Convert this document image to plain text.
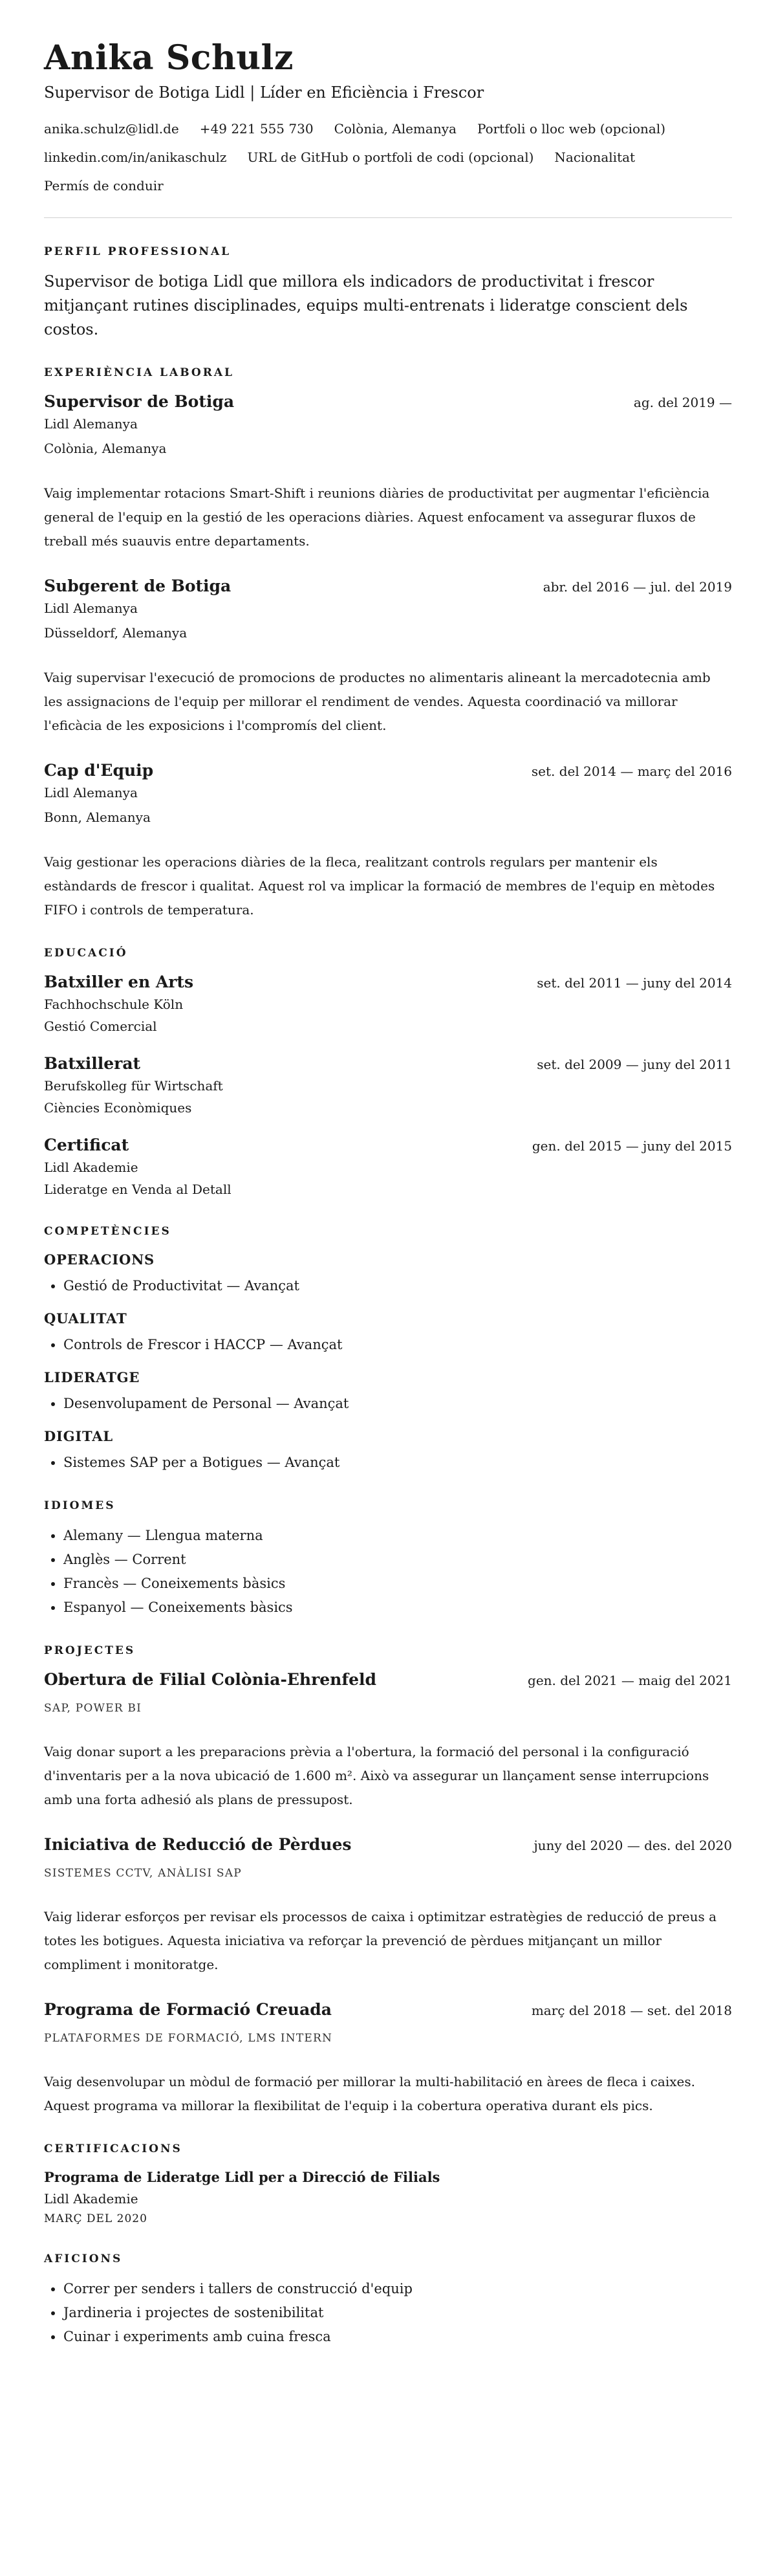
Anika Schulz
Supervisor de Botiga Lidl | Líder en Eficiència i Frescor
anika.schulz@lidl.de +49 221 555 730 Colònia, Alemanya Portfoli o lloc web (opcional)
linkedin.com/in/anikaschulz URL de GitHub o portfoli de codi (opcional) Nacionalitat
Permís de conduir
PERFIL PROFESSIONAL

Supervisor de botiga Lidl que millora els indicadors de productivitat i frescor mitjançant rutines disciplinades, equips multi-entrenats i lideratge conscient dels costos.

EXPERIÈNCIA LABORAL
Supervisor de Botiga	ag. del 2019 —
Lidl Alemanya
Colònia, Alemanya
Vaig implementar rotacions Smart-Shift i reunions diàries de productivitat per augmentar l'eficiència general de l'equip en la gestió de les operacions diàries. Aquest enfocament va assegurar fluxos de treball més suauvis entre departaments.
Subgerent de Botiga	abr. del 2016 — jul. del 2019
Lidl Alemanya
Düsseldorf, Alemanya
Vaig supervisar l'execució de promocions de productes no alimentaris alineant la mercadotecnia amb les assignacions de l'equip per millorar el rendiment de vendes. Aquesta coordinació va millorar l'eficàcia de les exposicions i l'compromís del client.
Cap d'Equip	set. del 2014 — març del 2016
Lidl Alemanya
Bonn, Alemanya
Vaig gestionar les operacions diàries de la fleca, realitzant controls regulars per mantenir els estàndards de frescor i qualitat. Aquest rol va implicar la formació de membres de l'equip en mètodes FIFO i controls de temperatura.
EDUCACIÓ
Batxiller en Arts	set. del 2011 — juny del 2014
Fachhochschule Köln
Gestió Comercial
Batxillerat	set. del 2009 — juny del 2011
Berufskolleg für Wirtschaft
Ciències Econòmiques
Certificat	gen. del 2015 — juny del 2015
Lidl Akademie
Lideratge en Venda al Detall
COMPETÈNCIES
OPERACIONS
• Gestió de Productivitat — Avançat
QUALITAT
• Controls de Frescor i HACCP — Avançat
LIDERATGE
• Desenvolupament de Personal — Avançat
DIGITAL
• Sistemes SAP per a Botigues — Avançat
IDIOMES
• Alemany — Llengua materna
• Anglès — Corrent
• Francès — Coneixements bàsics
• Espanyol — Coneixements bàsics
PROJECTES
Obertura de Filial Colònia-Ehrenfeld	gen. del 2021 — maig del 2021
SAP, POWER BI
Vaig donar suport a les preparacions prèvia a l'obertura, la formació del personal i la configuració d'inventaris per a la nova ubicació de 1.600 m². Això va assegurar un llançament sense interrupcions amb una forta adhesió als plans de pressupost.
Iniciativa de Reducció de Pèrdues	juny del 2020 — des. del 2020
SISTEMES CCTV, ANÀLISI SAP
Vaig liderar esforços per revisar els processos de caixa i optimitzar estratègies de reducció de preus a totes les botigues. Aquesta iniciativa va reforçar la prevenció de pèrdues mitjançant un millor compliment i monitoratge.
Programa de Formació Creuada	març del 2018 — set. del 2018
PLATAFORMES DE FORMACIÓ, LMS INTERN
Vaig desenvolupar un mòdul de formació per millorar la multi-habilitació en àrees de fleca i caixes. Aquest programa va millorar la flexibilitat de l'equip i la cobertura operativa durant els pics.
CERTIFICACIONS
Programa de Lideratge Lidl per a Direcció de Filials
Lidl Akademie
MARÇ DEL 2020
AFICIONS
• Correr per senders i tallers de construcció d'equip
• Jardineria i projectes de sostenibilitat
• Cuinar i experiments amb cuina fresca
